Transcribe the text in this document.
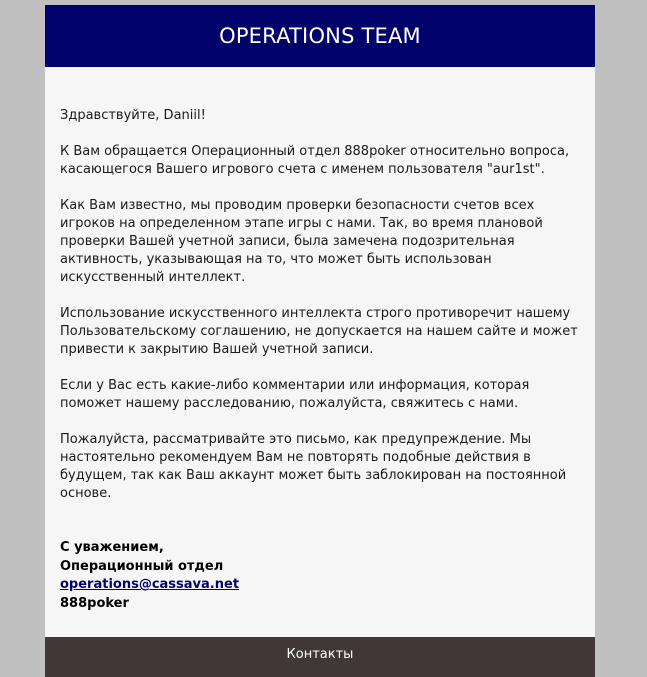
OPERATIONS TEAM

Здравствуйте, Daniil!

К Вам обращается Операционный отдел 888poker относительно вопроса, касающегося Вашего игрового счета с именем пользователя "aur1st".

Как Вам известно, мы проводим проверки безопасности счетов всех игроков на определенном этапе игры с нами. Так, во время плановой проверки Вашей учетной записи, была замечена подозрительная активность, указывающая на то, что может быть использован искусственный интеллект.

Использование искусственного интеллекта строго противоречит нашему Пользовательскому соглашению, не допускается на нашем сайте и может привести к закрытию Вашей учетной записи.

Если у Вас есть какие-либо комментарии или информация, которая поможет нашему расследованию, пожалуйста, свяжитесь с нами.

Пожалуйста, рассматривайте это письмо, как предупреждение. Мы настоятельно рекомендуем Вам не повторять подобные действия в будущем, так как Ваш аккаунт может быть заблокирован на постоянной основе.

С уважением,
Операционный отдел
operations@cassava.net
888poker
Контакты
